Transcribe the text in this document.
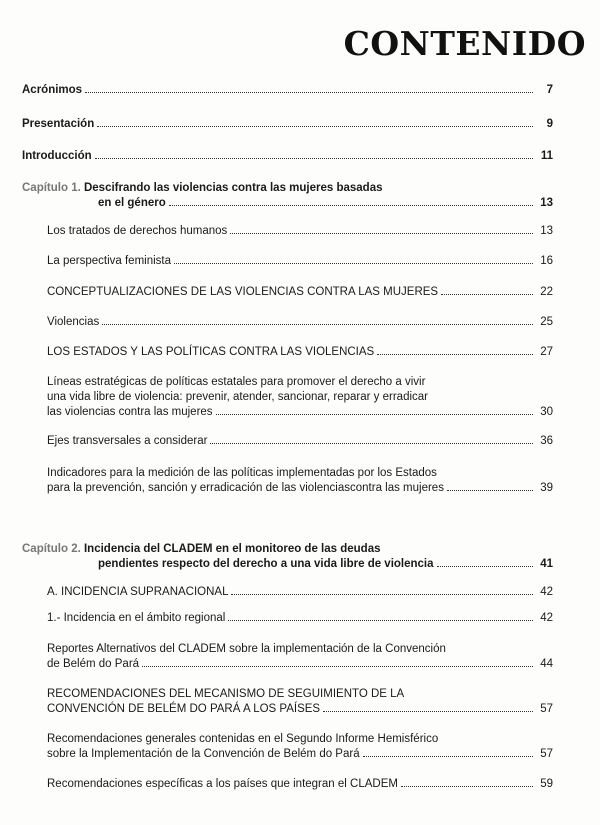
CONTENIDO
Acrónimos	7
Presentación	9
Introducción	11
Capítulo 1. Descifrando las violencias contra las mujeres basadas
en el género	13
Los tratados de derechos humanos	13
La perspectiva feminista	16
CONCEPTUALIZACIONES DE LAS VIOLENCIAS CONTRA LAS MUJERES	22
Violencias	25
LOS ESTADOS Y LAS POLÍTICAS CONTRA LAS VIOLENCIAS	27
Líneas estratégicas de políticas estatales para promover el derecho a vivir
una vida libre de violencia: prevenir, atender, sancionar, reparar y erradicar
las violencias contra las mujeres	30
Ejes transversales a considerar	36
Indicadores para la medición de las políticas implementadas por los Estados
para la prevención, sanción y erradicación de las violenciascontra las mujeres	39
Capítulo 2. Incidencia del CLADEM en el monitoreo de las deudas
pendientes respecto del derecho a una vida libre de violencia	41
A. INCIDENCIA SUPRANACIONAL	42
1.- Incidencia en el ámbito regional	42
Reportes Alternativos del CLADEM sobre la implementación de la Convención
de Belém do Pará	44
RECOMENDACIONES DEL MECANISMO DE SEGUIMIENTO DE LA
CONVENCIÓN DE BELÉM DO PARÁ A LOS PAÍSES	57
Recomendaciones generales contenidas en el Segundo Informe Hemisférico
sobre la Implementación de la Convención de Belém do Pará	57
Recomendaciones específicas a los países que integran el CLADEM	59
